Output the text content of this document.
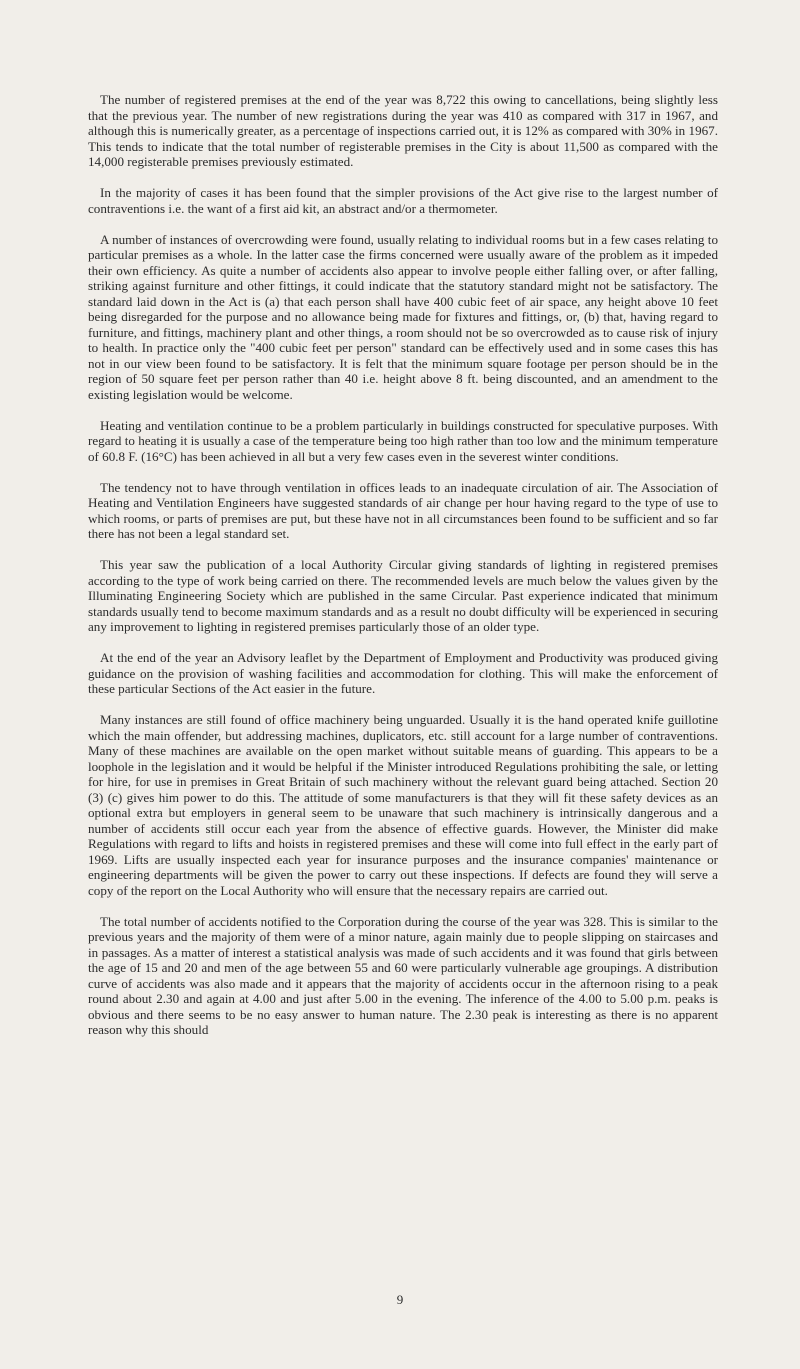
The number of registered premises at the end of the year was 8,722 this owing to cancellations, being slightly less that the previous year. The number of new registrations during the year was 410 as compared with 317 in 1967, and although this is numerically greater, as a percentage of inspections carried out, it is 12% as compared with 30% in 1967. This tends to indicate that the total number of registerable premises in the City is about 11,500 as compared with the 14,000 registerable premises previously estimated.

In the majority of cases it has been found that the simpler provisions of the Act give rise to the largest number of contraventions i.e. the want of a first aid kit, an abstract and/or a thermometer.

A number of instances of overcrowding were found, usually relating to individual rooms but in a few cases relating to particular premises as a whole. In the latter case the firms concerned were usually aware of the problem as it impeded their own efficiency. As quite a number of accidents also appear to involve people either falling over, or after falling, striking against furniture and other fittings, it could indicate that the statutory standard might not be satisfactory. The standard laid down in the Act is (a) that each person shall have 400 cubic feet of air space, any height above 10 feet being disregarded for the purpose and no allowance being made for fixtures and fittings, or, (b) that, having regard to furniture, and fittings, machinery plant and other things, a room should not be so overcrowded as to cause risk of injury to health. In practice only the "400 cubic feet per person" standard can be effectively used and in some cases this has not in our view been found to be satisfactory. It is felt that the minimum square footage per person should be in the region of 50 square feet per person rather than 40 i.e. height above 8 ft. being discounted, and an amendment to the existing legislation would be welcome.

Heating and ventilation continue to be a problem particularly in buildings constructed for speculative purposes. With regard to heating it is usually a case of the temperature being too high rather than too low and the minimum temperature of 60.8 F. (16°C) has been achieved in all but a very few cases even in the severest winter conditions.

The tendency not to have through ventilation in offices leads to an inadequate circulation of air. The Association of Heating and Ventilation Engineers have suggested standards of air change per hour having regard to the type of use to which rooms, or parts of premises are put, but these have not in all circumstances been found to be sufficient and so far there has not been a legal standard set.

This year saw the publication of a local Authority Circular giving standards of lighting in registered premises according to the type of work being carried on there. The recommended levels are much below the values given by the Illuminating Engineering Society which are published in the same Circular. Past experience indicated that minimum standards usually tend to become maximum standards and as a result no doubt difficulty will be experienced in securing any improvement to lighting in registered premises particularly those of an older type.

At the end of the year an Advisory leaflet by the Department of Employment and Productivity was produced giving guidance on the provision of washing facilities and accommodation for clothing. This will make the enforcement of these particular Sections of the Act easier in the future.

Many instances are still found of office machinery being unguarded. Usually it is the hand operated knife guillotine which the main offender, but addressing machines, duplicators, etc. still account for a large number of contraventions. Many of these machines are available on the open market without suitable means of guarding. This appears to be a loophole in the legislation and it would be helpful if the Minister introduced Regulations prohibiting the sale, or letting for hire, for use in premises in Great Britain of such machinery without the relevant guard being attached. Section 20 (3) (c) gives him power to do this. The attitude of some manufacturers is that they will fit these safety devices as an optional extra but employers in general seem to be unaware that such machinery is intrinsically dangerous and a number of accidents still occur each year from the absence of effective guards. However, the Minister did make Regulations with regard to lifts and hoists in registered premises and these will come into full effect in the early part of 1969. Lifts are usually inspected each year for insurance purposes and the insurance companies' maintenance or engineering departments will be given the power to carry out these inspections. If defects are found they will serve a copy of the report on the Local Authority who will ensure that the necessary repairs are carried out.

The total number of accidents notified to the Corporation during the course of the year was 328. This is similar to the previous years and the majority of them were of a minor nature, again mainly due to people slipping on staircases and in passages. As a matter of interest a statistical analysis was made of such accidents and it was found that girls between the age of 15 and 20 and men of the age between 55 and 60 were particularly vulnerable age groupings. A distribution curve of accidents was also made and it appears that the majority of accidents occur in the afternoon rising to a peak round about 2.30 and again at 4.00 and just after 5.00 in the evening. The inference of the 4.00 to 5.00 p.m. peaks is obvious and there seems to be no easy answer to human nature. The 2.30 peak is interesting as there is no apparent reason why this should

9
